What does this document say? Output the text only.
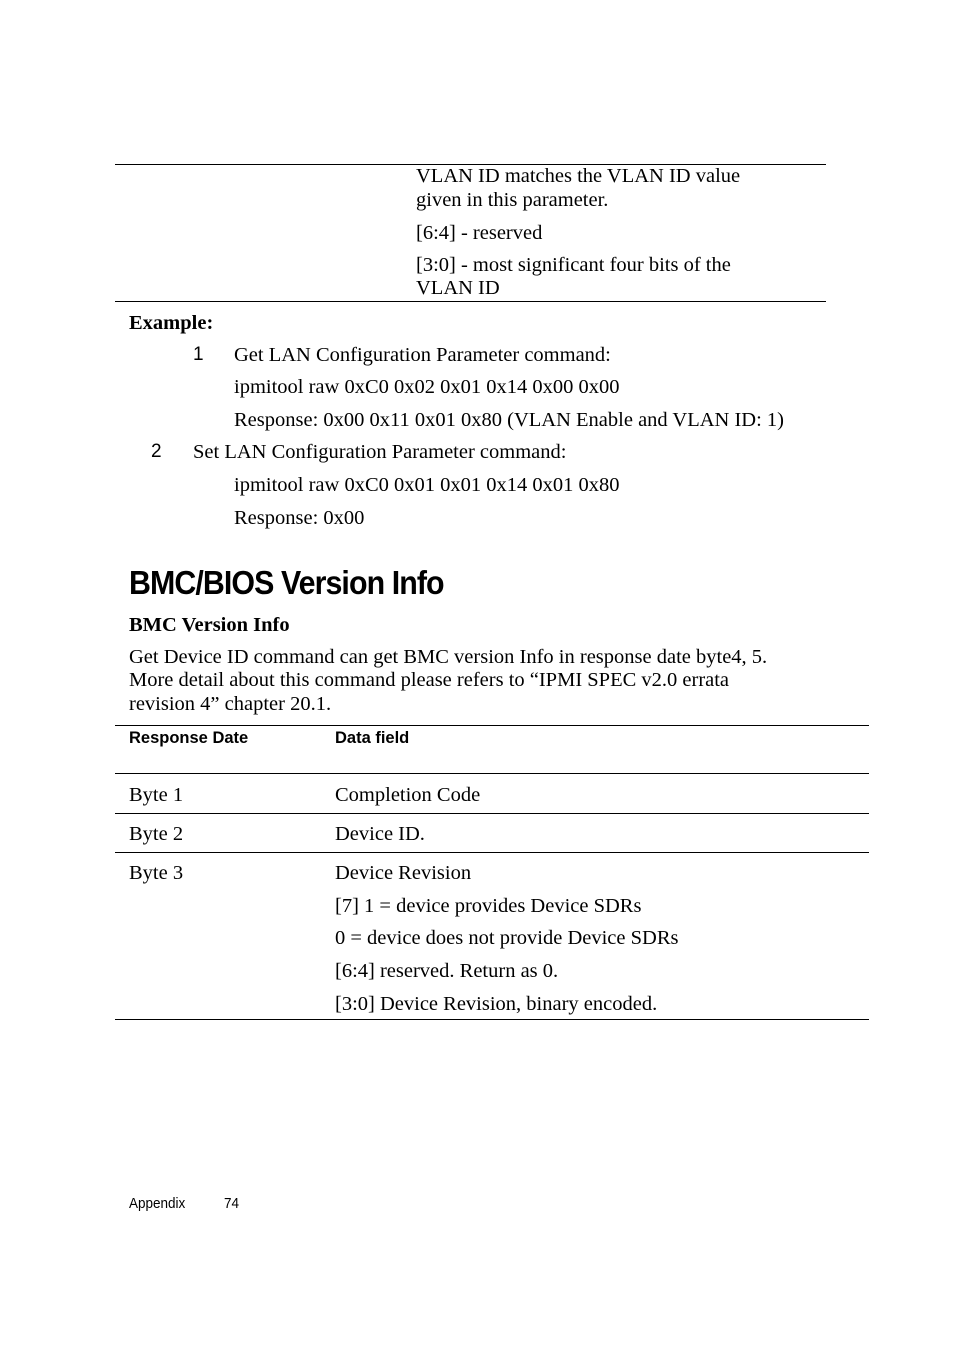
VLAN ID matches the VLAN ID value
given in this parameter.
[6:4] - reserved
[3:0] - most significant four bits of the
VLAN ID
Example:
1 Get LAN Configuration Parameter command:
ipmitool raw 0xC0 0x02 0x01 0x14 0x00 0x00
Response: 0x00 0x11 0x01 0x80 (VLAN Enable and VLAN ID: 1)
2 Set LAN Configuration Parameter command:
ipmitool raw 0xC0 0x01 0x01 0x14 0x01 0x80
Response: 0x00
BMC/BIOS Version Info
BMC Version Info
Get Device ID command can get BMC version Info in response date byte4, 5.
More detail about this command please refers to “IPMI SPEC v2.0 errata
revision 4” chapter 20.1.
Response Date	Data field
Byte 1	Completion Code
Byte 2	Device ID.
Byte 3	Device Revision
[7] 1 = device provides Device SDRs
0 = device does not provide Device SDRs
[6:4] reserved. Return as 0.
[3:0] Device Revision, binary encoded.
Appendix	74
